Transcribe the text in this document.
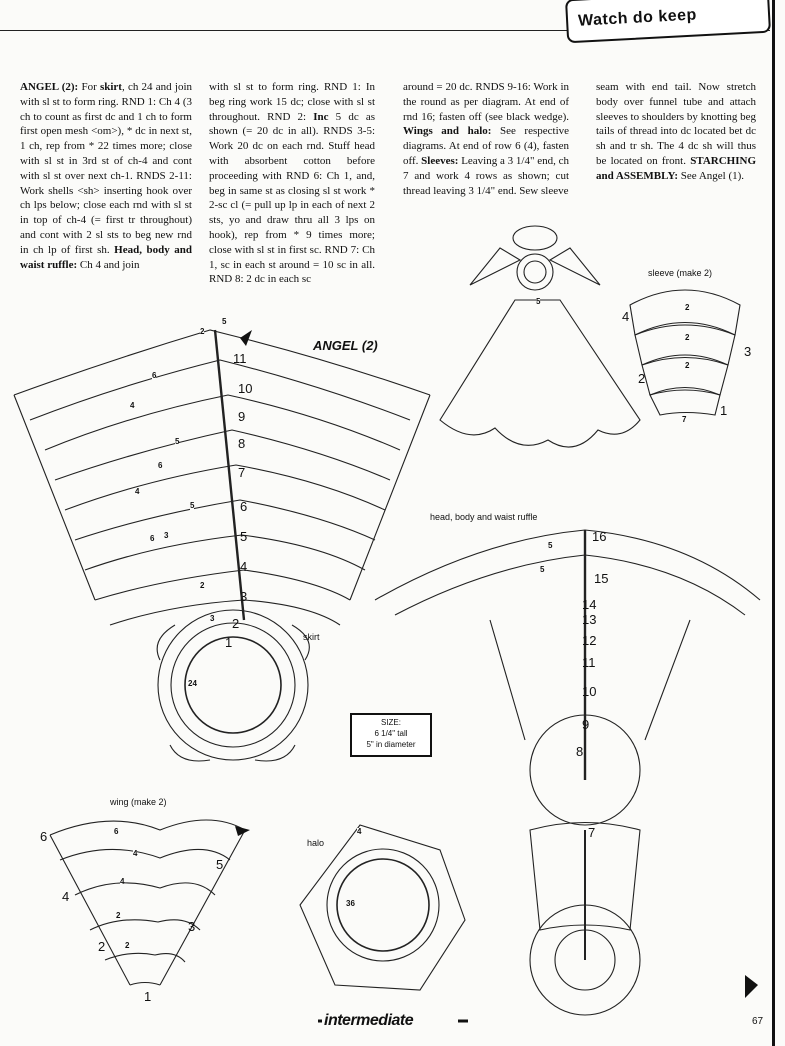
Watch do keep
ANGEL (2): For skirt, ch 24 and join with sl st to form ring. RND 1: Ch 4 (3 ch to count as first dc and 1 ch to form first open mesh <om>), * dc in next st, 1 ch, rep from * 22 times more; close with sl st in 3rd st of ch-4 and cont with sl st over next ch-1. RNDS 2-11: Work shells <sh> inserting hook over ch lps below; close each rnd with sl st in top of ch-4 (= first tr throughout) and cont with 2 sl sts to beg new rnd in ch lp of first sh. Head, body and waist ruffle: Ch 4 and join
with sl st to form ring. RND 1: In beg ring work 15 dc; close with sl st throughout. RND 2: Inc 5 dc as shown (= 20 dc in all). RNDS 3-5: Work 20 dc on each rnd. Stuff head with absorbent cotton before proceeding with RND 6: Ch 1, and, beg in same st as closing sl st work * 2-sc cl (= pull up lp in each of next 2 sts, yo and draw thru all 3 lps on hook), rep from * 9 times more; close with sl st in first sc. RND 7: Ch 1, sc in each st around = 10 sc in all. RND 8: 2 dc in each sc
around = 20 dc. RNDS 9-16: Work in the round as per diagram. At end of rnd 16; fasten off (see black wedge). Wings and halo: See respective diagrams. At end of row 6 (4), fasten off. Sleeves: Leaving a 3 1/4" end, ch 7 and work 4 rows as shown; cut thread leaving 3 1/4" end. Sew sleeve
seam with end tail. Now stretch body over funnel tube and attach sleeves to shoulders by knotting beg tails of thread into dc located bet dc sh and tr sh. The 4 dc sh will thus be located on front. STARCHING and ASSEMBLY: See Angel (1).
ANGEL (2)
skirt
sleeve (make 2)
head, body and waist ruffle
wing (make 2)
halo
SIZE:
6 1/4" tall
5" in diameter
11
10
9
8
7
6
5
4
3
2
1
6
4
5
6
4
5
6 3
3
2
24
2
5	4
3
2
1
2
2
2
7
16
15
14
13
12
11
10
9
8
7
5
5
6
5
4
3
2
1
6
4
4
2
2
4
36
5
intermediate	67
